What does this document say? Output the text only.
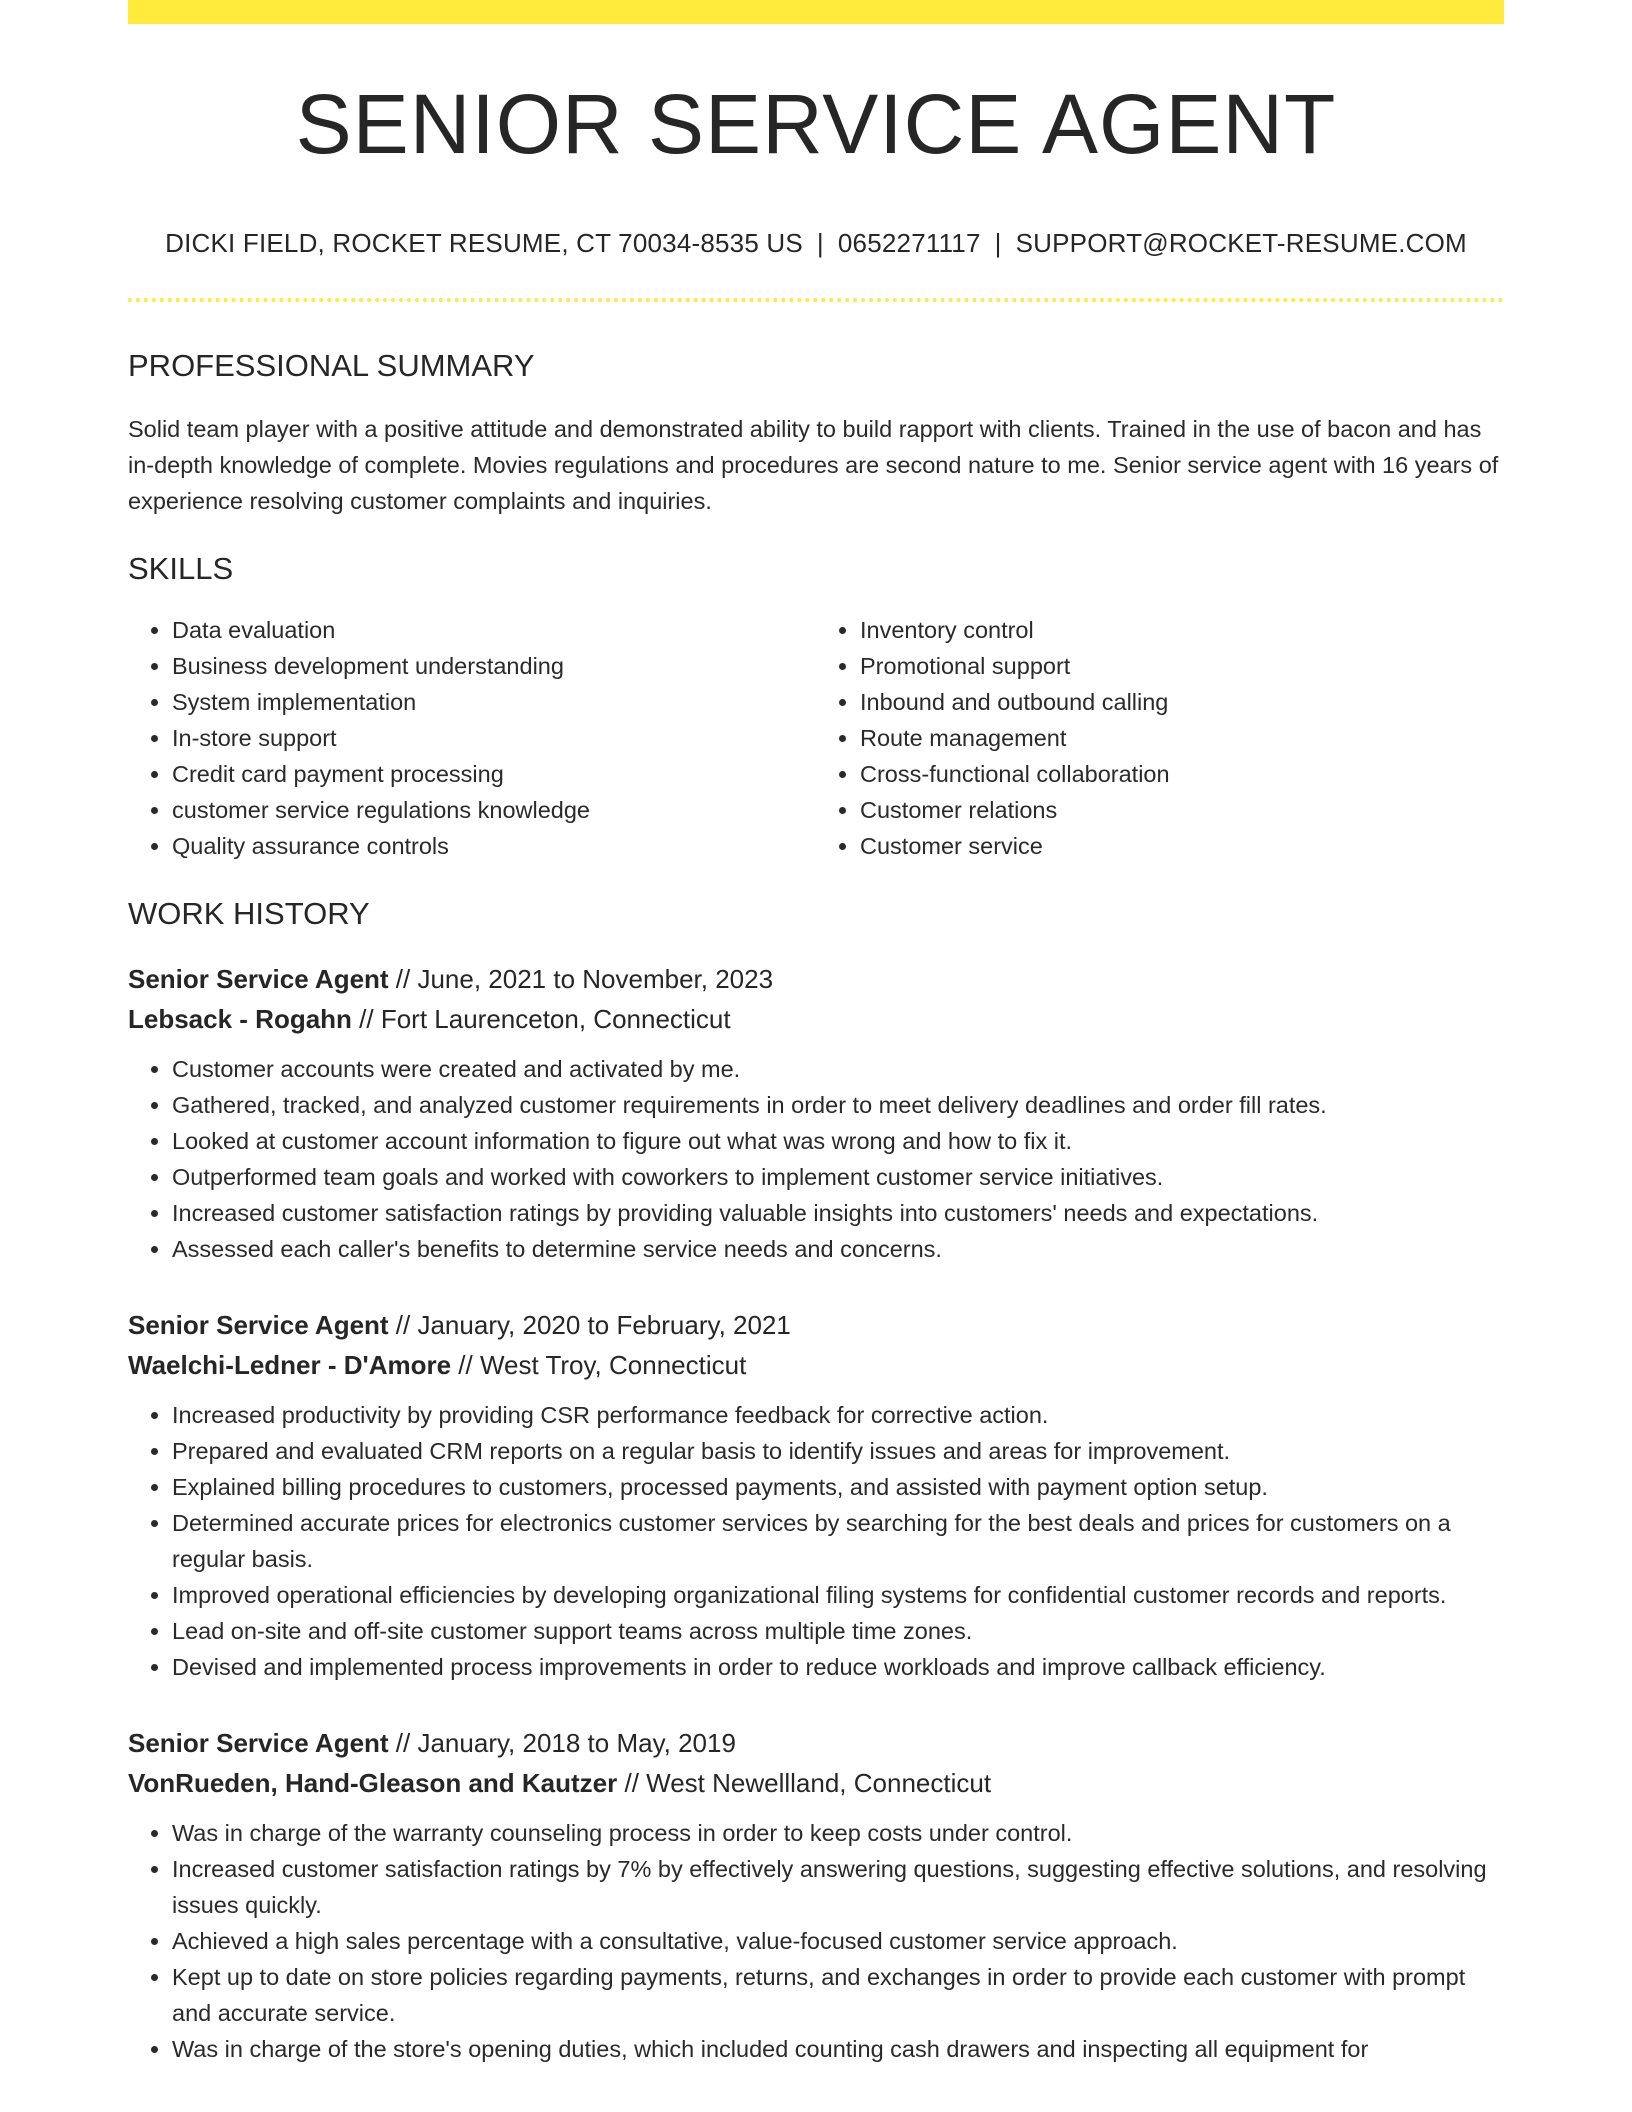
SENIOR SERVICE AGENT
DICKI FIELD, ROCKET RESUME, CT 70034-8535 US | 0652271117 | SUPPORT@ROCKET-RESUME.COM
PROFESSIONAL SUMMARY
Solid team player with a positive attitude and demonstrated ability to build rapport with clients. Trained in the use of bacon and has in-depth knowledge of complete. Movies regulations and procedures are second nature to me. Senior service agent with 16 years of experience resolving customer complaints and inquiries.
SKILLS
• Data evaluation
• Business development understanding
• System implementation
• In-store support
• Credit card payment processing
• customer service regulations knowledge
• Quality assurance controls
• Inventory control
• Promotional support
• Inbound and outbound calling
• Route management
• Cross-functional collaboration
• Customer relations
• Customer service
WORK HISTORY
Senior Service Agent // June, 2021 to November, 2023
Lebsack - Rogahn // Fort Laurenceton, Connecticut
• Customer accounts were created and activated by me.
• Gathered, tracked, and analyzed customer requirements in order to meet delivery deadlines and order fill rates.
• Looked at customer account information to figure out what was wrong and how to fix it.
• Outperformed team goals and worked with coworkers to implement customer service initiatives.
• Increased customer satisfaction ratings by providing valuable insights into customers' needs and expectations.
• Assessed each caller's benefits to determine service needs and concerns.
Senior Service Agent // January, 2020 to February, 2021
Waelchi-Ledner - D'Amore // West Troy, Connecticut
• Increased productivity by providing CSR performance feedback for corrective action.
• Prepared and evaluated CRM reports on a regular basis to identify issues and areas for improvement.
• Explained billing procedures to customers, processed payments, and assisted with payment option setup.
• Determined accurate prices for electronics customer services by searching for the best deals and prices for customers on a regular basis.
• Improved operational efficiencies by developing organizational filing systems for confidential customer records and reports.
• Lead on-site and off-site customer support teams across multiple time zones.
• Devised and implemented process improvements in order to reduce workloads and improve callback efficiency.
Senior Service Agent // January, 2018 to May, 2019
VonRueden, Hand-Gleason and Kautzer // West Newellland, Connecticut
• Was in charge of the warranty counseling process in order to keep costs under control.
• Increased customer satisfaction ratings by 7% by effectively answering questions, suggesting effective solutions, and resolving issues quickly.
• Achieved a high sales percentage with a consultative, value-focused customer service approach.
• Kept up to date on store policies regarding payments, returns, and exchanges in order to provide each customer with prompt and accurate service.
• Was in charge of the store's opening duties, which included counting cash drawers and inspecting all equipment for
